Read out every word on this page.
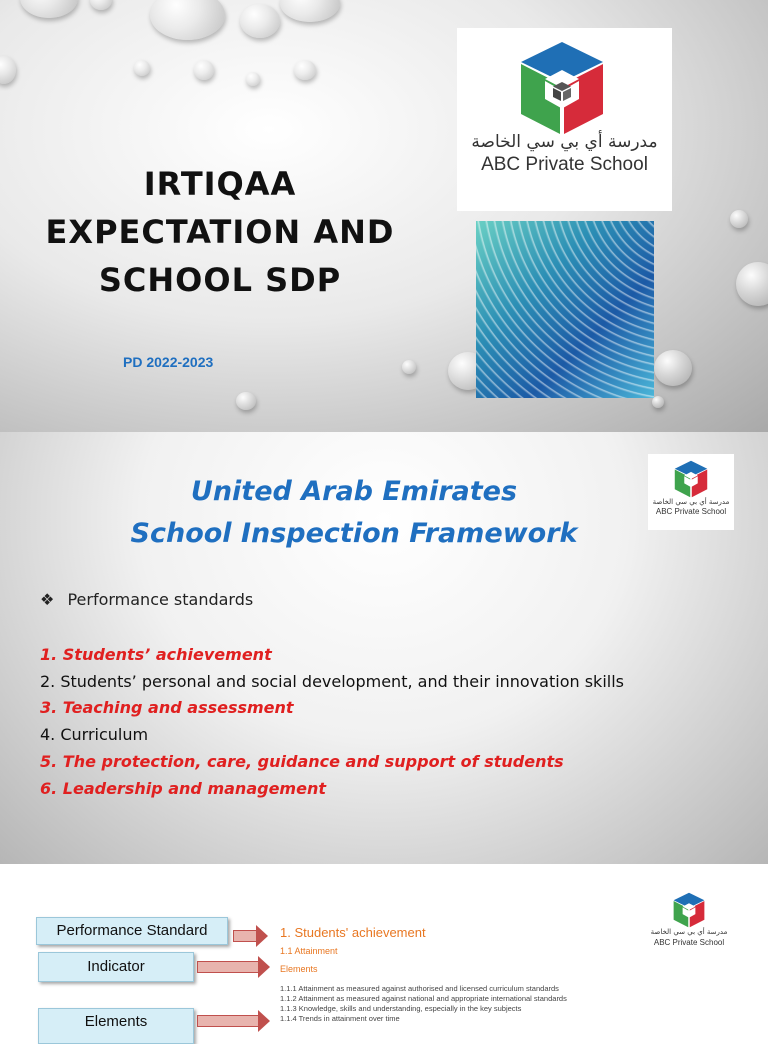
IRTIQAA
EXPECTATION AND
SCHOOL SDP
PD 2022-2023
مدرسة أي بي سي الخاصة
ABC Private School
United Arab Emirates
School Inspection Framework
مدرسة أي بي سي الخاصة
ABC Private School
❖ Performance standards
1. Students’ achievement
2. Students’ personal and social development, and their innovation skills
3. Teaching and assessment
4. Curriculum
5. The protection, care, guidance and support of students
6. Leadership and management
مدرسة أي بي سي الخاصة
ABC Private School
Performance Standard
Indicator
Elements
1. Students' achievement
1.1 Attainment
Elements
1.1.1 Attainment as measured against authorised and licensed curriculum standards
1.1.2 Attainment as measured against national and appropriate international standards
1.1.3 Knowledge, skills and understanding, especially in the key subjects
1.1.4 Trends in attainment over time
